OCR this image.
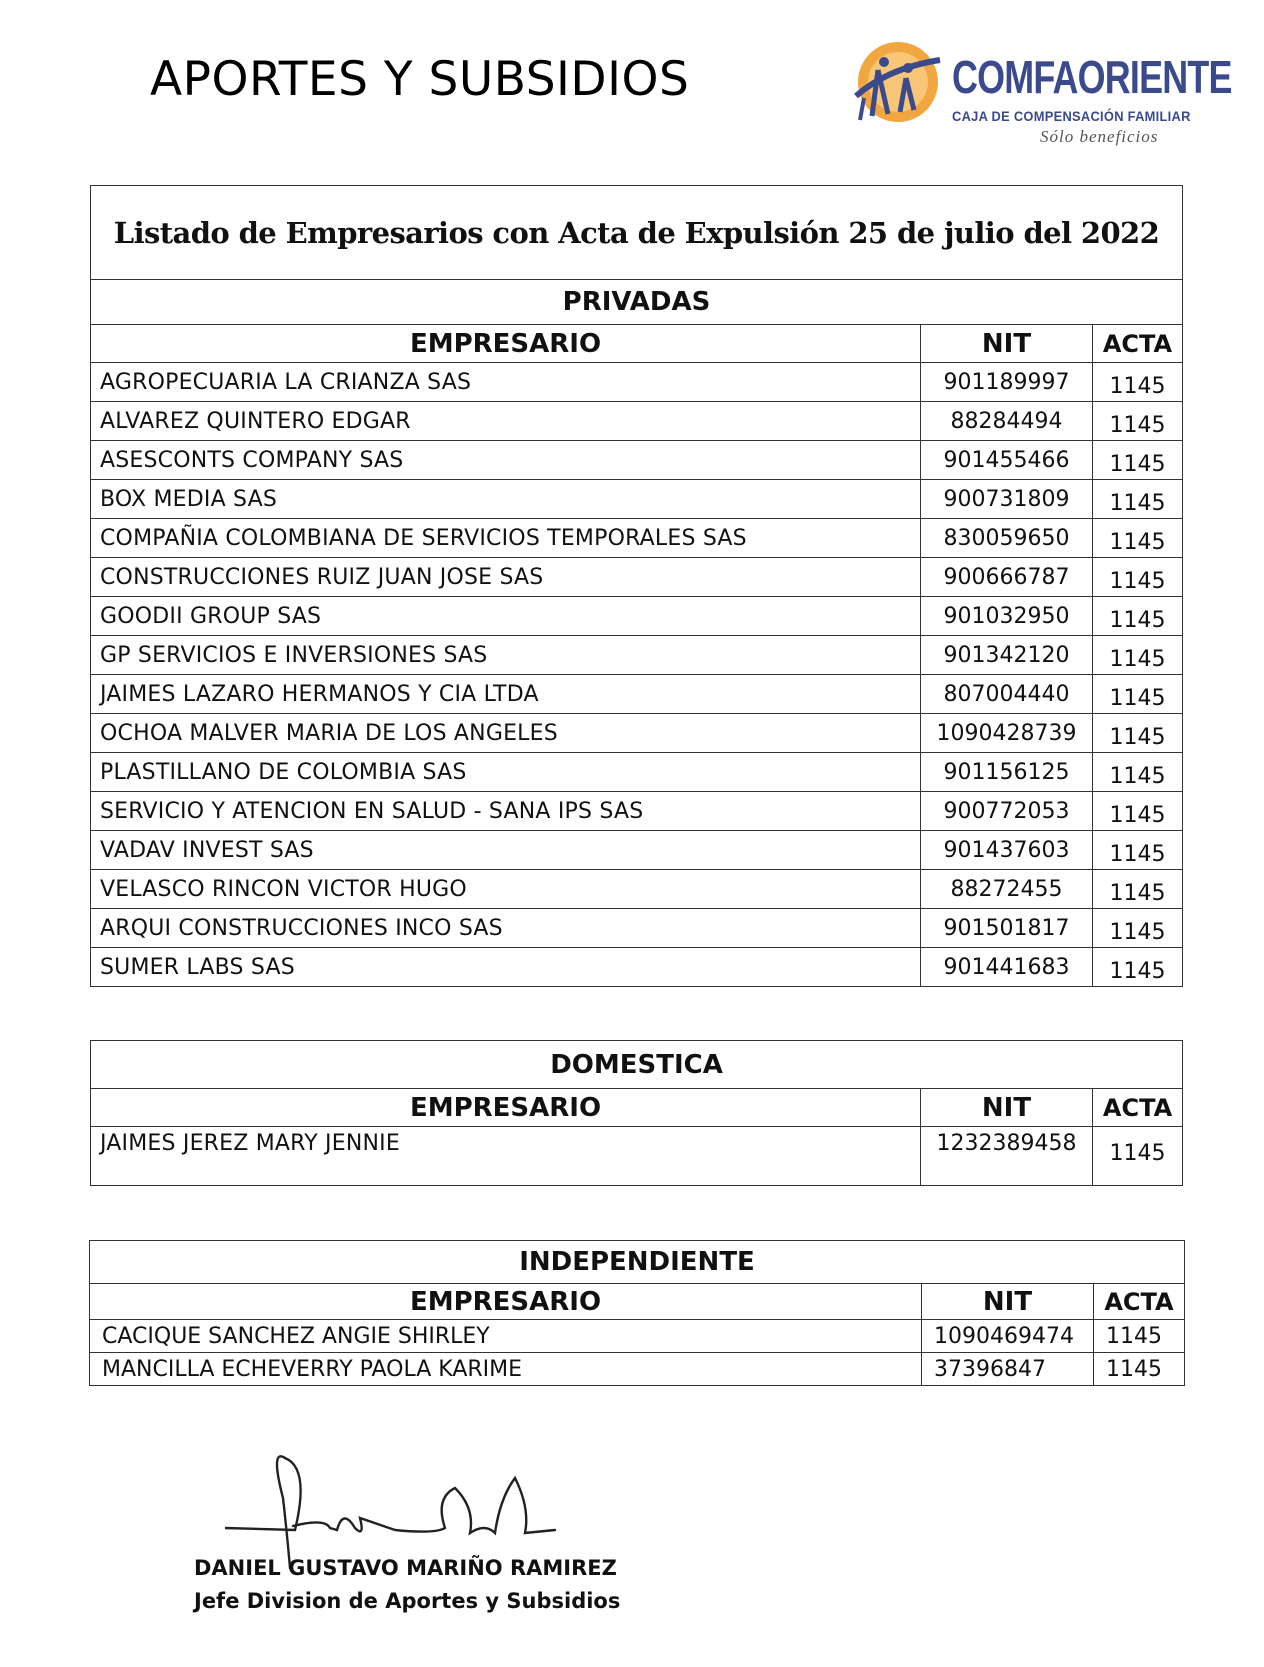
APORTES Y SUBSIDIOS	COMFAORIENTE
CAJA DE COMPENSACIÓN FAMILIAR
Sólo beneficios
Listado de Empresarios con Acta de Expulsión 25 de julio del 2022		
PRIVADAS		
EMPRESARIO	NIT	ACTA
AGROPECUARIA LA CRIANZA SAS	901189997	1145
ALVAREZ QUINTERO EDGAR	88284494	1145
ASESCONTS COMPANY SAS	901455466	1145
BOX MEDIA SAS	900731809	1145
COMPAÑIA COLOMBIANA DE SERVICIOS TEMPORALES SAS	830059650	1145
CONSTRUCCIONES RUIZ JUAN JOSE SAS	900666787	1145
GOODII GROUP SAS	901032950	1145
GP SERVICIOS E INVERSIONES SAS	901342120	1145
JAIMES LAZARO HERMANOS Y CIA LTDA	807004440	1145
OCHOA MALVER MARIA DE LOS ANGELES	1090428739	1145
PLASTILLANO DE COLOMBIA SAS	901156125	1145
SERVICIO Y ATENCION EN SALUD - SANA IPS SAS	900772053	1145
VADAV INVEST SAS	901437603	1145
VELASCO RINCON VICTOR HUGO	88272455	1145
ARQUI CONSTRUCCIONES INCO SAS	901501817	1145
SUMER LABS SAS	901441683	1145
DOMESTICA		
EMPRESARIO	NIT	ACTA
JAIMES JEREZ MARY JENNIE	1232389458	1145
INDEPENDIENTE		
EMPRESARIO	NIT	ACTA
CACIQUE SANCHEZ ANGIE SHIRLEY	1090469474	1145
MANCILLA ECHEVERRY PAOLA KARIME	37396847	1145
DANIEL GUSTAVO MARIÑO RAMIREZ
Jefe Division de Aportes y Subsidios
